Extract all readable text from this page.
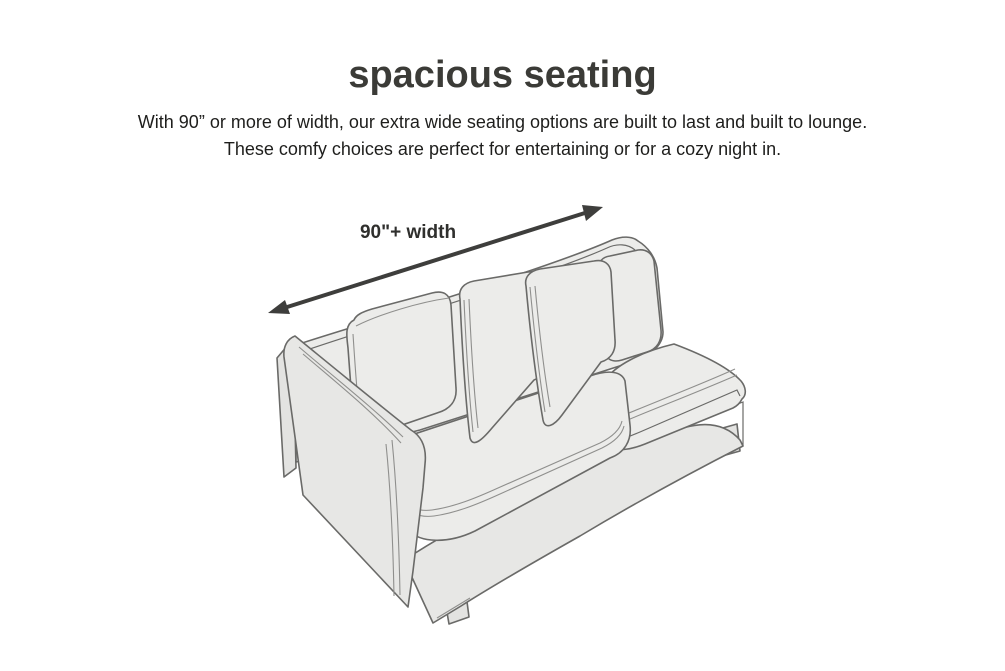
spacious seating

With 90” or more of width, our extra wide seating options are built to last and built to lounge.

These comfy choices are perfect for entertaining or for a cozy night in.

90"+ width
